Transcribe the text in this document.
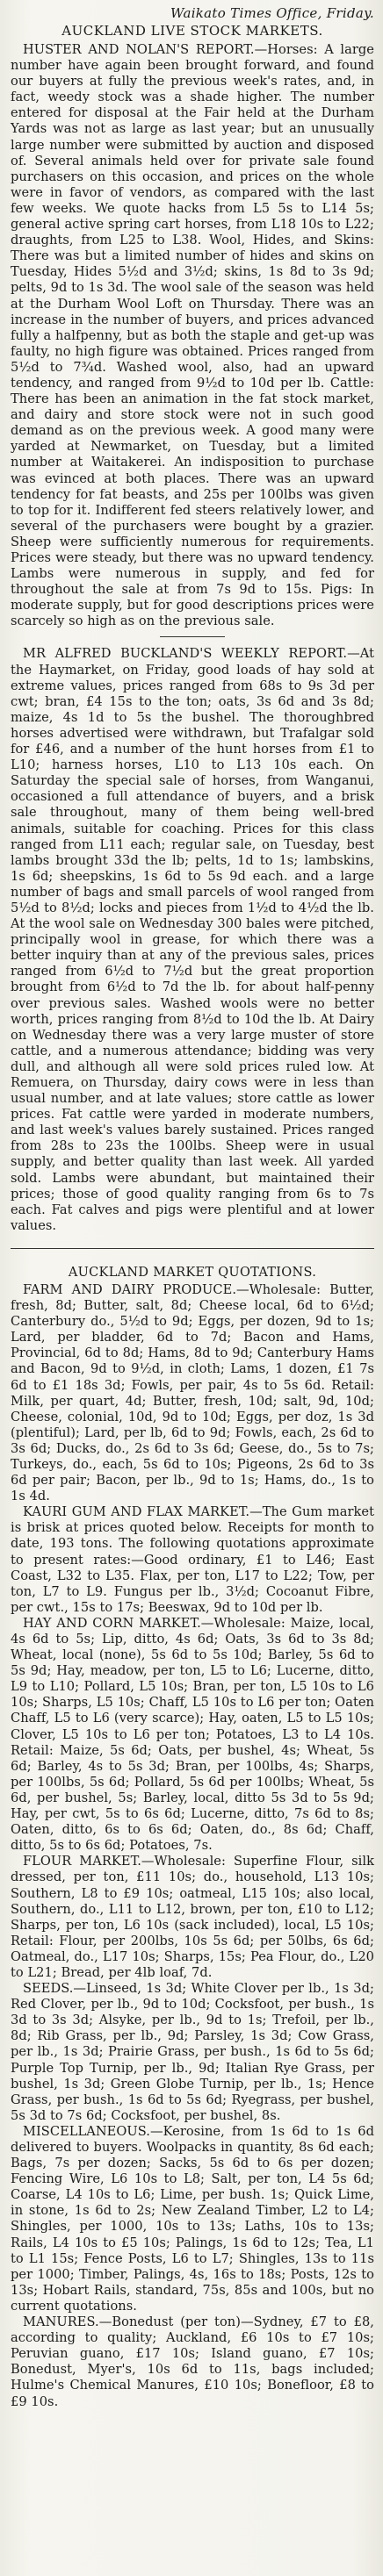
Waikato Times Office, Friday.
AUCKLAND LIVE STOCK MARKETS.

HUSTER AND NOLAN'S REPORT.—Horses: A large number have again been brought forward, and found our buyers at fully the previous week's rates, and, in fact, weedy stock was a shade higher. The number entered for disposal at the Fair held at the Durham Yards was not as large as last year; but an unusually large number were submitted by auction and disposed of. Several animals held over for private sale found purchasers on this occasion, and prices on the whole were in favor of vendors, as compared with the last few weeks. We quote hacks from L5 5s to L14 5s; general active spring cart horses, from L18 10s to L22; draughts, from L25 to L38. Wool, Hides, and Skins: There was but a limited number of hides and skins on Tuesday, Hides 5½d and 3½d; skins, 1s 8d to 3s 9d; pelts, 9d to 1s 3d. The wool sale of the season was held at the Durham Wool Loft on Thursday. There was an increase in the number of buyers, and prices advanced fully a halfpenny, but as both the staple and get-up was faulty, no high figure was obtained. Prices ranged from 5½d to 7¾d. Washed wool, also, had an upward tendency, and ranged from 9½d to 10d per lb. Cattle: There has been an animation in the fat stock market, and dairy and store stock were not in such good demand as on the previous week. A good many were yarded at Newmarket, on Tuesday, but a limited number at Waitakerei. An indisposition to purchase was evinced at both places. There was an upward tendency for fat beasts, and 25s per 100lbs was given to top for it. Indifferent fed steers relatively lower, and several of the purchasers were bought by a grazier. Sheep were sufficiently numerous for requirements. Prices were steady, but there was no upward tendency. Lambs were numerous in supply, and fed for throughout the sale at from 7s 9d to 15s. Pigs: In moderate supply, but for good descriptions prices were scarcely so high as on the previous sale.

MR ALFRED BUCKLAND'S WEEKLY REPORT.—At the Haymarket, on Friday, good loads of hay sold at extreme values, prices ranged from 68s to 9s 3d per cwt; bran, £4 15s to the ton; oats, 3s 6d and 3s 8d; maize, 4s 1d to 5s the bushel. The thoroughbred horses advertised were withdrawn, but Trafalgar sold for £46, and a number of the hunt horses from £1 to L10; harness horses, L10 to L13 10s each. On Saturday the special sale of horses, from Wanganui, occasioned a full attendance of buyers, and a brisk sale throughout, many of them being well-bred animals, suitable for coaching. Prices for this class ranged from L11 each; regular sale, on Tuesday, best lambs brought 33d the lb; pelts, 1d to 1s; lambskins, 1s 6d; sheepskins, 1s 6d to 5s 9d each. and a large number of bags and small parcels of wool ranged from 5½d to 8½d; locks and pieces from 1½d to 4½d the lb. At the wool sale on Wednesday 300 bales were pitched, principally wool in grease, for which there was a better inquiry than at any of the previous sales, prices ranged from 6½d to 7½d but the great proportion brought from 6½d to 7d the lb. for about half-penny over previous sales. Washed wools were no better worth, prices ranging from 8½d to 10d the lb. At Dairy on Wednesday there was a very large muster of store cattle, and a numerous attendance; bidding was very dull, and although all were sold prices ruled low. At Remuera, on Thursday, dairy cows were in less than usual number, and at late values; store cattle as lower prices. Fat cattle were yarded in moderate numbers, and last week's values barely sustained. Prices ranged from 28s to 23s the 100lbs. Sheep were in usual supply, and better quality than last week. All yarded sold. Lambs were abundant, but maintained their prices; those of good quality ranging from 6s to 7s each. Fat calves and pigs were plentiful and at lower values.

AUCKLAND MARKET QUOTATIONS.

FARM AND DAIRY PRODUCE.—Wholesale: Butter, fresh, 8d; Butter, salt, 8d; Cheese local, 6d to 6½d; Canterbury do., 5½d to 9d; Eggs, per dozen, 9d to 1s; Lard, per bladder, 6d to 7d; Bacon and Hams, Provincial, 6d to 8d; Hams, 8d to 9d; Canterbury Hams and Bacon, 9d to 9½d, in cloth; Lams, 1 dozen, £1 7s 6d to £1 18s 3d; Fowls, per pair, 4s to 5s 6d. Retail: Milk, per quart, 4d; Butter, fresh, 10d; salt, 9d, 10d; Cheese, colonial, 10d, 9d to 10d; Eggs, per doz, 1s 3d (plentiful); Lard, per lb, 6d to 9d; Fowls, each, 2s 6d to 3s 6d; Ducks, do., 2s 6d to 3s 6d; Geese, do., 5s to 7s; Turkeys, do., each, 5s 6d to 10s; Pigeons, 2s 6d to 3s 6d per pair; Bacon, per lb., 9d to 1s; Hams, do., 1s to 1s 4d.

KAURI GUM AND FLAX MARKET.—The Gum market is brisk at prices quoted below. Receipts for month to date, 193 tons. The following quotations approximate to present rates:—Good ordinary, £1 to L46; East Coast, L32 to L35. Flax, per ton, L17 to L22; Tow, per ton, L7 to L9. Fungus per lb., 3½d; Cocoanut Fibre, per cwt., 15s to 17s; Beeswax, 9d to 10d per lb.

HAY AND CORN MARKET.—Wholesale: Maize, local, 4s 6d to 5s; Lip, ditto, 4s 6d; Oats, 3s 6d to 3s 8d; Wheat, local (none), 5s 6d to 5s 10d; Barley, 5s 6d to 5s 9d; Hay, meadow, per ton, L5 to L6; Lucerne, ditto, L9 to L10; Pollard, L5 10s; Bran, per ton, L5 10s to L6 10s; Sharps, L5 10s; Chaff, L5 10s to L6 per ton; Oaten Chaff, L5 to L6 (very scarce); Hay, oaten, L5 to L5 10s; Clover, L5 10s to L6 per ton; Potatoes, L3 to L4 10s. Retail: Maize, 5s 6d; Oats, per bushel, 4s; Wheat, 5s 6d; Barley, 4s to 5s 3d; Bran, per 100lbs, 4s; Sharps, per 100lbs, 5s 6d; Pollard, 5s 6d per 100lbs; Wheat, 5s 6d, per bushel, 5s; Barley, local, ditto 5s 3d to 5s 9d; Hay, per cwt, 5s to 6s 6d; Lucerne, ditto, 7s 6d to 8s; Oaten, ditto, 6s to 6s 6d; Oaten, do., 8s 6d; Chaff, ditto, 5s to 6s 6d; Potatoes, 7s.

FLOUR MARKET.—Wholesale: Superfine Flour, silk dressed, per ton, £11 10s; do., household, L13 10s; Southern, L8 to £9 10s; oatmeal, L15 10s; also local, Southern, do., L11 to L12, brown, per ton, £10 to L12; Sharps, per ton, L6 10s (sack included), local, L5 10s; Retail: Flour, per 200lbs, 10s 5s 6d; per 50lbs, 6s 6d; Oatmeal, do., L17 10s; Sharps, 15s; Pea Flour, do., L20 to L21; Bread, per 4lb loaf, 7d.

SEEDS.—Linseed, 1s 3d; White Clover per lb., 1s 3d; Red Clover, per lb., 9d to 10d; Cocksfoot, per bush., 1s 3d to 3s 3d; Alsyke, per lb., 9d to 1s; Trefoil, per lb., 8d; Rib Grass, per lb., 9d; Parsley, 1s 3d; Cow Grass, per lb., 1s 3d; Prairie Grass, per bush., 1s 6d to 5s 6d; Purple Top Turnip, per lb., 9d; Italian Rye Grass, per bushel, 1s 3d; Green Globe Turnip, per lb., 1s; Hence Grass, per bush., 1s 6d to 5s 6d; Ryegrass, per bushel, 5s 3d to 7s 6d; Cocksfoot, per bushel, 8s.

MISCELLANEOUS.—Kerosine, from 1s 6d to 1s 6d delivered to buyers. Woolpacks in quantity, 8s 6d each; Bags, 7s per dozen; Sacks, 5s 6d to 6s per dozen; Fencing Wire, L6 10s to L8; Salt, per ton, L4 5s 6d; Coarse, L4 10s to L6; Lime, per bush. 1s; Quick Lime, in stone, 1s 6d to 2s; New Zealand Timber, L2 to L4; Shingles, per 1000, 10s to 13s; Laths, 10s to 13s; Rails, L4 10s to £5 10s; Palings, 1s 6d to 12s; Tea, L1 to L1 15s; Fence Posts, L6 to L7; Shingles, 13s to 11s per 1000; Timber, Palings, 4s, 16s to 18s; Posts, 12s to 13s; Hobart Rails, standard, 75s, 85s and 100s, but no current quotations.

MANURES.—Bonedust (per ton)—Sydney, £7 to £8, according to quality; Auckland, £6 10s to £7 10s; Peruvian guano, £17 10s; Island guano, £7 10s; Bonedust, Myer's, 10s 6d to 11s, bags included; Hulme's Chemical Manures, £10 10s; Bonefloor, £8 to £9 10s.
